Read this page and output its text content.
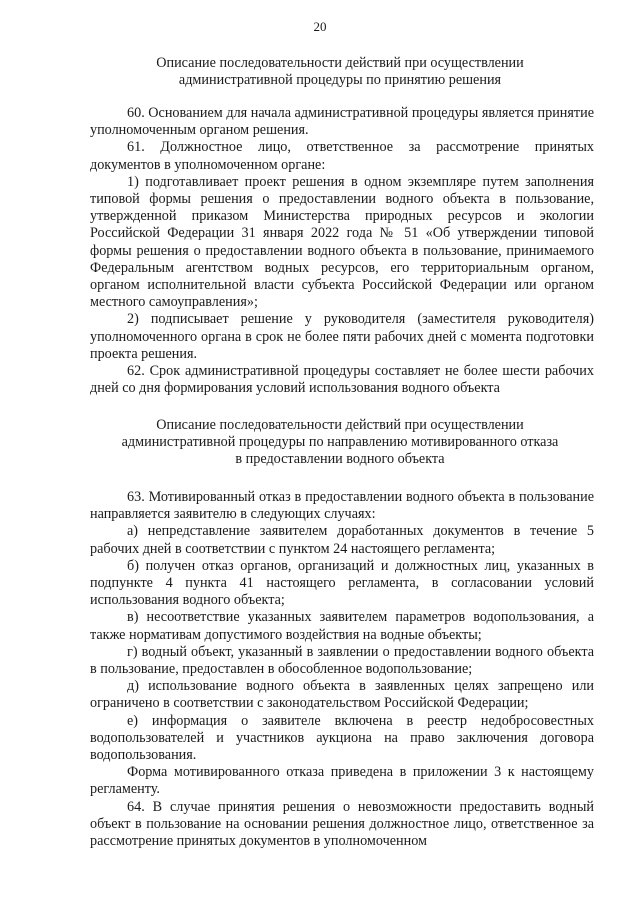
20
Описание последовательности действий при осуществлении
административной процедуры по принятию решения

60. Основанием для начала административной процедуры является принятие уполномоченным органом решения.

61. Должностное лицо, ответственное за рассмотрение принятых документов в уполномоченном органе:

1) подготавливает проект решения в одном экземпляре путем заполнения типовой формы решения о предоставлении водного объекта в пользование, утвержденной приказом Министерства природных ресурсов и экологии Российской Федерации 31 января 2022 года № 51 «Об утверждении типовой формы решения о предоставлении водного объекта в пользование, принимаемого Федеральным агентством водных ресурсов, его территориальным органом, органом исполнительной власти субъекта Российской Федерации или органом местного самоуправления»;

2) подписывает решение у руководителя (заместителя руководителя) уполномоченного органа в срок не более пяти рабочих дней с момента подготовки проекта решения.

62. Срок административной процедуры составляет не более шести рабочих дней со дня формирования условий использования водного объекта

Описание последовательности действий при осуществлении
административной процедуры по направлению мотивированного отказа
в предоставлении водного объекта

63. Мотивированный отказ в предоставлении водного объекта в пользование направляется заявителю в следующих случаях:

а) непредставление заявителем доработанных документов в течение 5 рабочих дней в соответствии с пунктом 24 настоящего регламента;

б) получен отказ органов, организаций и должностных лиц, указанных в подпункте 4 пункта 41 настоящего регламента, в согласовании условий использования водного объекта;

в) несоответствие указанных заявителем параметров водопользования, а также нормативам допустимого воздействия на водные объекты;

г) водный объект, указанный в заявлении о предоставлении водного объекта в пользование, предоставлен в обособленное водопользование;

д) использование водного объекта в заявленных целях запрещено или ограничено в соответствии с законодательством Российской Федерации;

е) информация о заявителе включена в реестр недобросовестных водопользователей и участников аукциона на право заключения договора водопользования.

Форма мотивированного отказа приведена в приложении 3 к настоящему регламенту.

64. В случае принятия решения о невозможности предоставить водный объект в пользование на основании решения должностное лицо, ответственное за рассмотрение принятых документов в уполномоченном
